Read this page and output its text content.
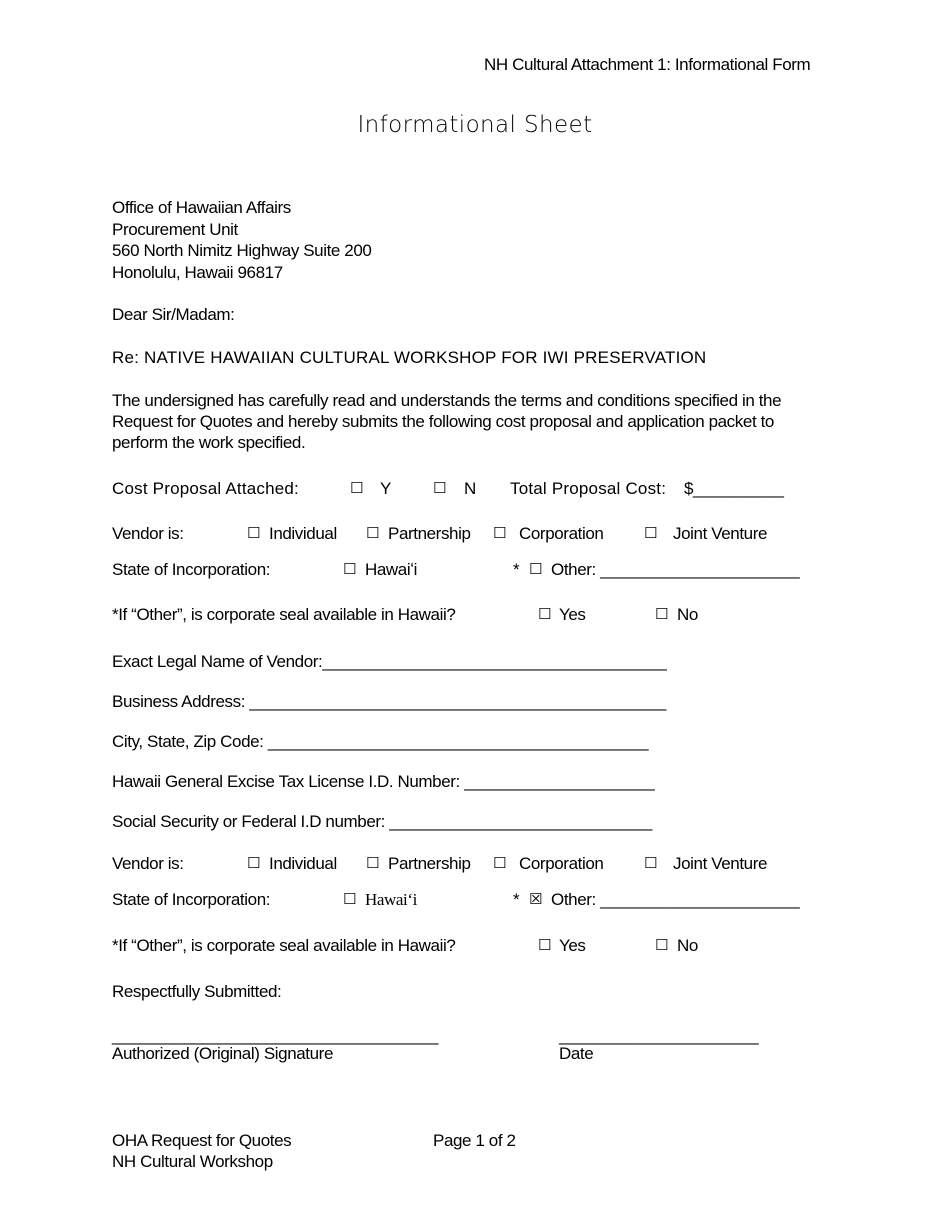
NH Cultural Attachment 1: Informational Form
Informational Sheet
Office of Hawaiian Affairs
Procurement Unit
560 North Nimitz Highway Suite 200
Honolulu, Hawaii 96817
Dear Sir/Madam:
Re: NATIVE HAWAIIAN CULTURAL WORKSHOP FOR IWI PRESERVATION
The undersigned has carefully read and understands the terms and conditions specified in the Request for Quotes and hereby submits the following cost proposal and application packet to perform the work specified.
Cost Proposal Attached:	☐ Y	☐ N Total Proposal Cost: $__________
Vendor is:	☐ Individual ☐ Partnership ☐ Corporation	☐ Joint Venture
State of Incorporation:	☐ Hawaiʻi	* ☐ Other: ______________________
*If “Other”, is corporate seal available in Hawaii?	☐ Yes	☐ No
Exact Legal Name of Vendor:______________________________________
Business Address: ______________________________________________
City, State, Zip Code: __________________________________________
Hawaii General Excise Tax License I.D. Number: _____________________
Social Security or Federal I.D number: _____________________________
Vendor is:	☐ Individual ☐ Partnership ☐ Corporation	☐ Joint Venture
State of Incorporation:	☐ Hawaiʻi	* ☒ Other: ______________________
*If “Other”, is corporate seal available in Hawaii?	☐ Yes	☐ No
Respectfully Submitted:
____________________________________
Authorized (Original) Signature
______________________
Date
OHA Request for Quotes
NH Cultural Workshop
Page 1 of 2
